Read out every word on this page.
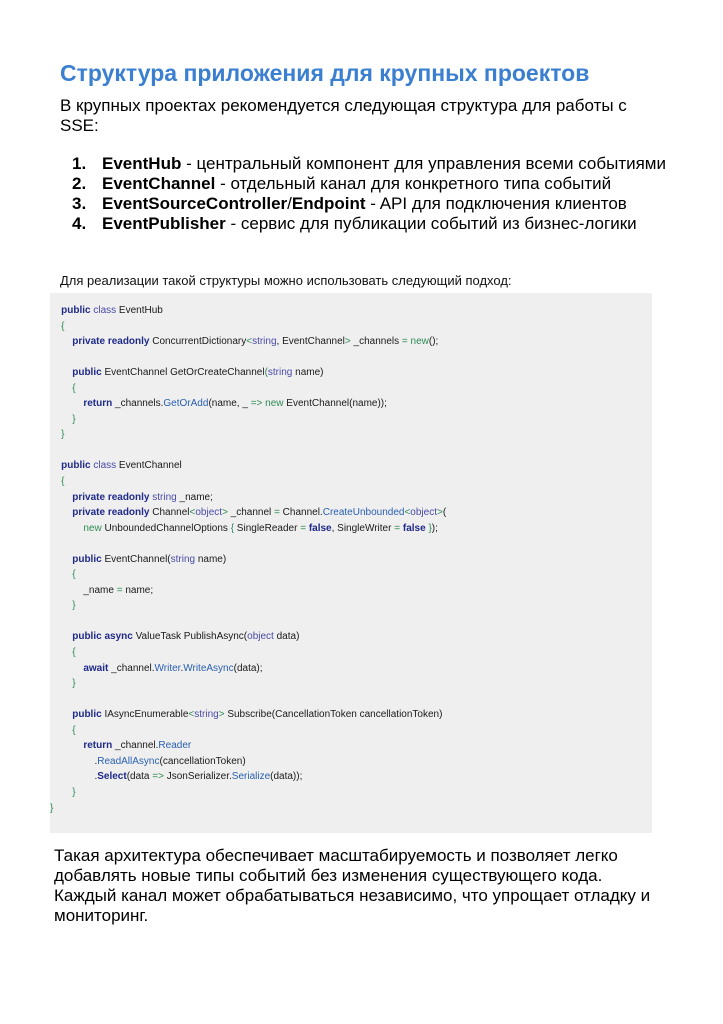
Структура приложения для крупных проектов
В крупных проектах рекомендуется следующая структура для работы с SSE:
1. EventHub - центральный компонент для управления всеми событиями
2. EventChannel - отдельный канал для конкретного типа событий
3. EventSourceController/Endpoint - API для подключения клиентов
4. EventPublisher - сервис для публикации событий из бизнес-логики
Для реализации такой структуры можно использовать следующий подход:
public class EventHub
{
private readonly ConcurrentDictionary<string, EventChannel> _channels = new();

public EventChannel GetOrCreateChannel(string name)
{
return _channels.GetOrAdd(name, _ => new EventChannel(name));
}
}

public class EventChannel
{
private readonly string _name;
private readonly Channel<object> _channel = Channel.CreateUnbounded<object>(
new UnboundedChannelOptions { SingleReader = false, SingleWriter = false });

public EventChannel(string name)
{
_name = name;
}

public async ValueTask PublishAsync(object data)
{
await _channel.Writer.WriteAsync(data);
}

public IAsyncEnumerable<string> Subscribe(CancellationToken cancellationToken)
{
return _channel.Reader
.ReadAllAsync(cancellationToken)
.Select(data => JsonSerializer.Serialize(data));
}
}
Такая архитектура обеспечивает масштабируемость и позволяет легко добавлять новые типы событий без изменения существующего кода. Каждый канал может обрабатываться независимо, что упрощает отладку и мониторинг.
